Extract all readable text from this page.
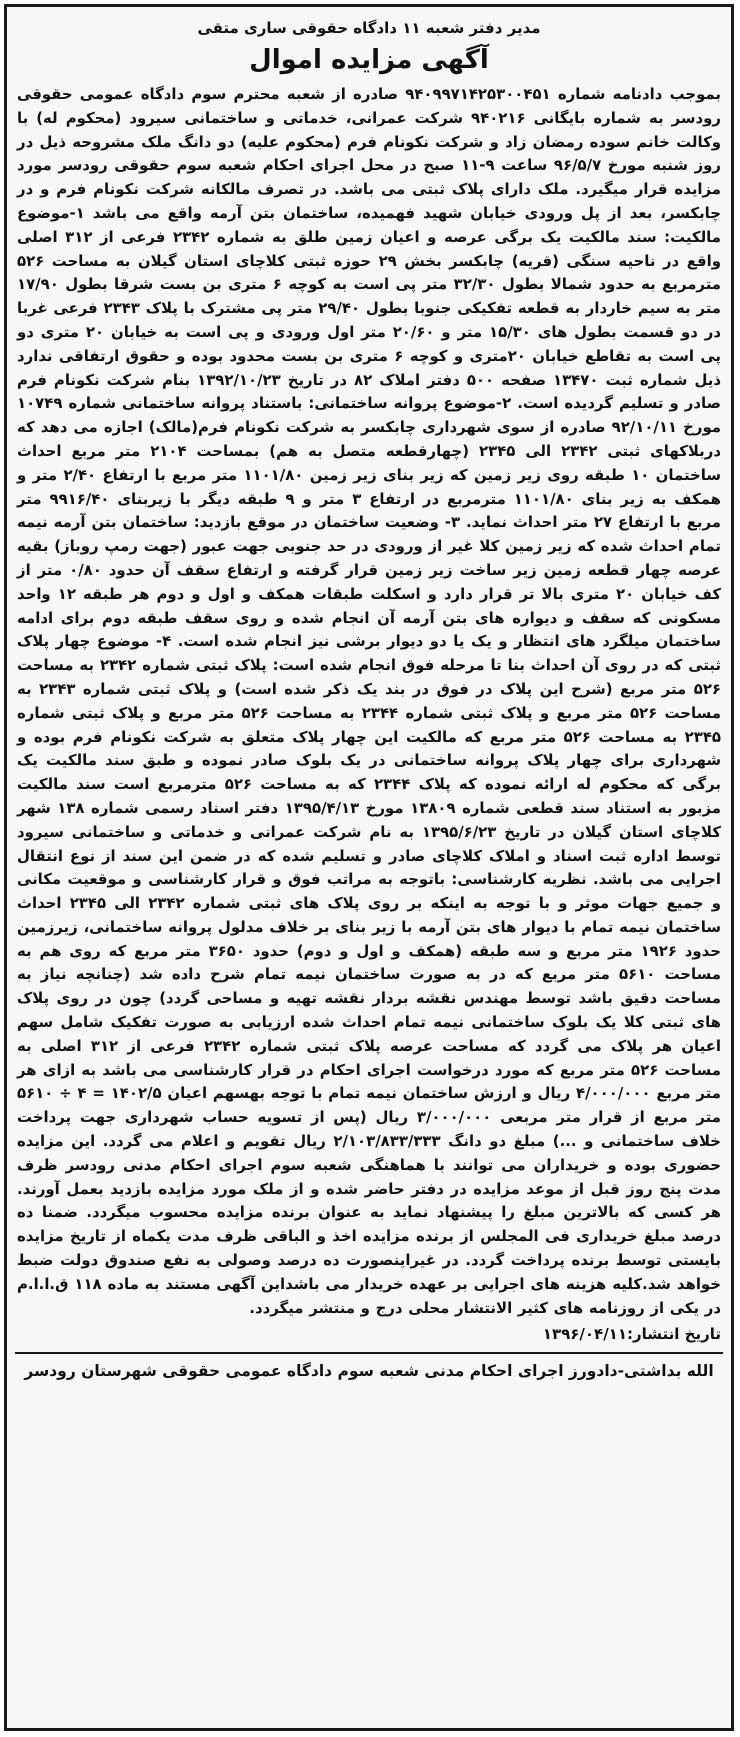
مدیر دفتر شعبه ۱۱ دادگاه حقوقی ساری متقی
آگهی مزایده اموال

بموجب دادنامه شماره ۹۴۰۹۹۷۱۴۲۵۳۰۰۴۵۱ صادره از شعبه محترم سوم دادگاه عمومی حقوقی رودسر به شماره بایگانی ۹۴۰۲۱۶ شرکت عمرانی، خدماتی و ساختمانی سیرود (محکوم له) با وکالت خانم سوده رمضان زاد و شرکت نکونام فرم (محکوم علیه) دو دانگ ملک مشروحه ذیل در روز شنبه مورخ ۹۶/۵/۷ ساعت ۹-۱۱ صبح در محل اجرای احکام شعبه سوم حقوقی رودسر مورد مزایده قرار میگیرد. ملک دارای پلاک ثبتی می باشد. در تصرف مالکانه شرکت نکونام فرم و در چابکسر، بعد از پل ورودی خیابان شهید فهمیده، ساختمان بتن آرمه واقع می باشد ۱-موضوع مالکیت: سند مالکیت یک برگی عرصه و اعیان زمین طلق به شماره ۲۳۴۲ فرعی از ۳۱۲ اصلی واقع در ناحیه سنگی (قریه) چابکسر بخش ۲۹ حوزه ثبتی کلاچای استان گیلان به مساحت ۵۲۶ مترمربع به حدود شمالا بطول ۳۲/۳۰ متر پی است به کوچه ۶ متری بن بست شرقا بطول ۱۷/۹۰ متر به سیم خاردار به قطعه تفکیکی جنوبا بطول ۲۹/۴۰ متر پی مشترک با پلاک ۲۳۴۳ فرعی غربا در دو قسمت بطول های ۱۵/۳۰ متر و ۲۰/۶۰ متر اول ورودی و پی است به خیابان ۲۰ متری دو پی است به تقاطع خیابان ۲۰متری و کوچه ۶ متری بن بست محدود بوده و حقوق ارتفاقی ندارد ذیل شماره ثبت ۱۳۴۷۰ صفحه ۵۰۰ دفتر املاک ۸۲ در تاریخ ۱۳۹۲/۱۰/۲۳ بنام شرکت نکونام فرم صادر و تسلیم گردیده است. ۲-موضوع پروانه ساختمانی: باستناد پروانه ساختمانی شماره ۱۰۷۴۹ مورخ ۹۲/۱۰/۱۱ صادره از سوی شهرداری چابکسر به شرکت نکونام فرم(مالک) اجازه می دهد که دربلاکهای ثبتی ۲۳۴۲ الی ۲۳۴۵ (چهارقطعه متصل به هم) بمساحت ۲۱۰۴ متر مربع احداث ساختمان ۱۰ طبقه روی زیر زمین که زیر بنای زیر زمین ۱۱۰۱/۸۰ متر مربع با ارتفاع ۲/۴۰ متر و همکف به زیر بنای ۱۱۰۱/۸۰ مترمربع در ارتفاع ۳ متر و ۹ طبقه دیگر با زیربنای ۹۹۱۶/۴۰ متر مربع با ارتفاع ۲۷ متر احداث نماید. ۳- وضعیت ساختمان در موقع بازدید: ساختمان بتن آرمه نیمه تمام احداث شده که زیر زمین کلا غیر از ورودی در حد جنوبی جهت عبور (جهت رمپ روباز) بقیه عرصه چهار قطعه زمین زیر ساخت زیر زمین قرار گرفته و ارتفاع سقف آن حدود ۰/۸۰ متر از کف خیابان ۲۰ متری بالا تر قرار دارد و اسکلت طبقات همکف و اول و دوم هر طبقه ۱۲ واحد مسکونی که سقف و دیواره های بتن آرمه آن انجام شده و روی سقف طبقه دوم برای ادامه ساختمان میلگرد های انتظار و یک یا دو دیوار برشی نیز انجام شده است. ۴- موضوع چهار پلاک ثبتی که در روی آن احداث بنا تا مرحله فوق انجام شده است: پلاک ثبتی شماره ۲۳۴۲ به مساحت ۵۲۶ متر مربع (شرح این پلاک در فوق در بند یک ذکر شده است) و پلاک ثبتی شماره ۲۳۴۳ به مساحت ۵۲۶ متر مربع و پلاک ثبتی شماره ۲۳۴۴ به مساحت ۵۲۶ متر مربع و پلاک ثبتی شماره ۲۳۴۵ به مساحت ۵۲۶ متر مربع که مالکیت این چهار پلاک متعلق به شرکت نکونام فرم بوده و شهرداری برای چهار پلاک پروانه ساختمانی در یک بلوک صادر نموده و طبق سند مالکیت یک برگی که محکوم له ارائه نموده که پلاک ۲۳۴۴ که به مساحت ۵۲۶ مترمربع است سند مالکیت مزبور به استناد سند قطعی شماره ۱۳۸۰۹ مورخ ۱۳۹۵/۴/۱۳ دفتر اسناد رسمی شماره ۱۳۸ شهر کلاچای استان گیلان در تاریخ ۱۳۹۵/۶/۲۳ به نام شرکت عمرانی و خدماتی و ساختمانی سیرود توسط اداره ثبت اسناد و املاک کلاچای صادر و تسلیم شده که در ضمن این سند از نوع انتقال اجرایی می باشد. نظریه کارشناسی: باتوجه به مراتب فوق و قرار کارشناسی و موقعیت مکانی و جمیع جهات موثر و با توجه به اینکه بر روی پلاک های ثبتی شماره ۲۳۴۲ الی ۲۳۴۵ احداث ساختمان نیمه تمام با دیوار های بتن آرمه با زیر بنای بر خلاف مدلول پروانه ساختمانی، زیرزمین حدود ۱۹۲۶ متر مربع و سه طبقه (همکف و اول و دوم) حدود ۳۶۵۰ متر مربع که روی هم به مساحت ۵۶۱۰ متر مربع که در به صورت ساختمان نیمه تمام شرح داده شد (چنانچه نیاز به مساحت دقیق باشد توسط مهندس نقشه بردار نقشه تهیه و مساحی گردد) چون در روی پلاک های ثبتی کلا یک بلوک ساختمانی نیمه تمام احداث شده ارزیابی به صورت تفکیک شامل سهم اعیان هر پلاک می گردد که مساحت عرصه پلاک ثبتی شماره ۲۳۴۲ فرعی از ۳۱۲ اصلی به مساحت ۵۲۶ متر مربع که مورد درخواست اجرای احکام در قرار کارشناسی می باشد به ازای هر متر مربع ۴/۰۰۰/۰۰۰ ریال و ارزش ساختمان نیمه تمام با توجه بهسهم اعیان ۱۴۰۲/۵ = ۴ ÷ ۵۶۱۰ متر مربع از قرار متر مربعی ۳/۰۰۰/۰۰۰ ریال (پس از تسویه حساب شهرداری جهت پرداخت خلاف ساختمانی و ...) مبلغ دو دانگ ۲/۱۰۳/۸۳۳/۳۳۳ ریال تقویم و اعلام می گردد. این مزایده حضوری بوده و خریداران می توانند با هماهنگی شعبه سوم اجرای احکام مدنی رودسر ظرف مدت پنج روز قبل از موعد مزایده در دفتر حاضر شده و از ملک مورد مزایده بازدید بعمل آورند. هر کسی که بالاترین مبلغ را پیشنهاد نماید به عنوان برنده مزایده محسوب میگردد. ضمنا ده درصد مبلغ خریداری فی المجلس از برنده مزایده اخذ و الباقی ظرف مدت یکماه از تاریخ مزایده بایستی توسط برنده پرداخت گردد. در غیراینصورت ده درصد وصولی به نفع صندوق دولت ضبط خواهد شد.کلیه هزینه های اجرایی بر عهده خریدار می باشداین آگهی مستند به ماده ۱۱۸ ق.ا.ا.م در یکی از روزنامه های کثیر الانتشار محلی درج و منتشر میگردد.

تاریخ انتشار:۱۳۹۶/۰۴/۱۱
الله بداشتی-دادورز اجرای احکام مدنی شعبه سوم دادگاه عمومی حقوقی شهرستان رودسر
